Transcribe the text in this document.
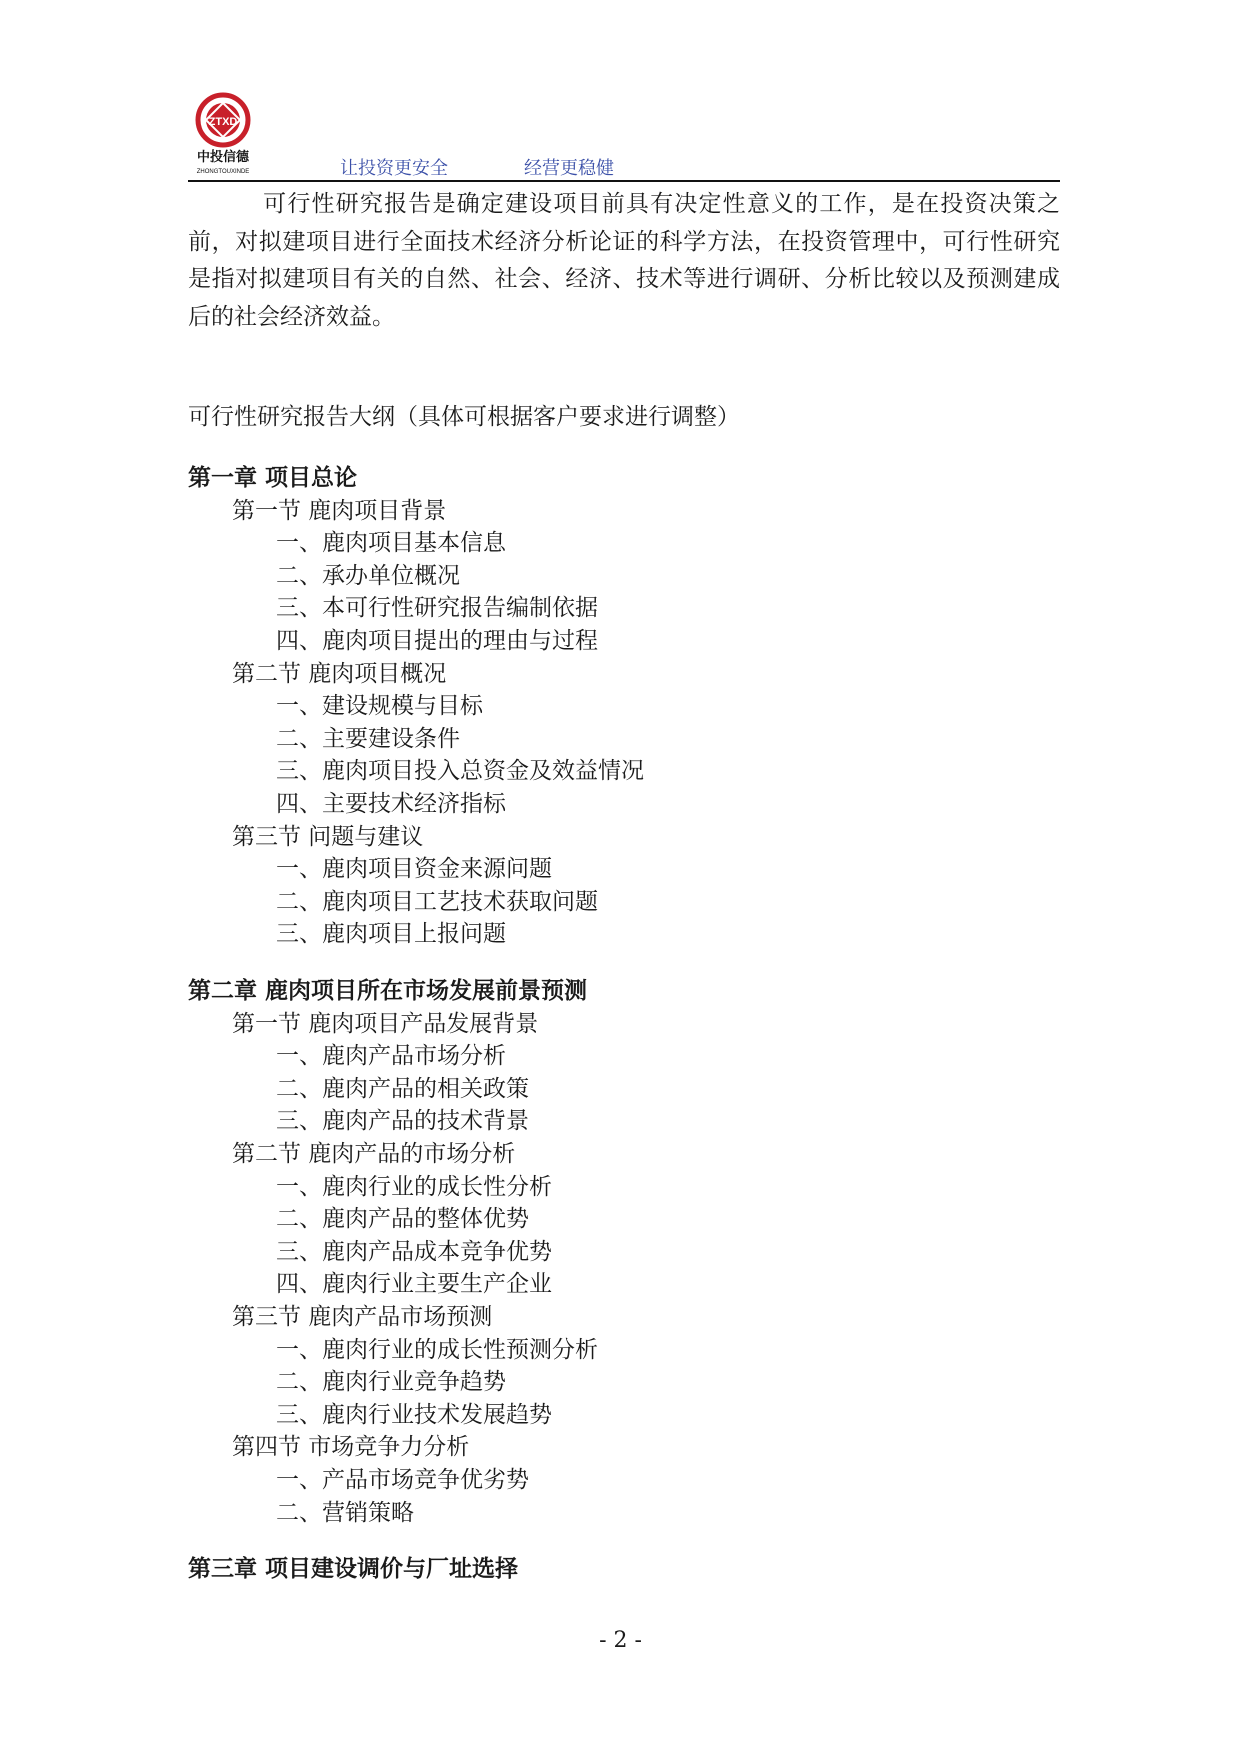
ZTXD
中投信德
ZHONGTOUXINDE	让投资更安全	经营更稳健

可行性研究报告是确定建设项目前具有决定性意义的工作，是在投资决策之前，对拟建项目进行全面技术经济分析论证的科学方法，在投资管理中，可行性研究是指对拟建项目有关的自然、社会、经济、技术等进行调研、分析比较以及预测建成后的社会经济效益。

可行性研究报告大纲（具体可根据客户要求进行调整）
第一章 项目总论
第一节 鹿肉项目背景
一、鹿肉项目基本信息
二、承办单位概况
三、本可行性研究报告编制依据
四、鹿肉项目提出的理由与过程
第二节 鹿肉项目概况
一、建设规模与目标
二、主要建设条件
三、鹿肉项目投入总资金及效益情况
四、主要技术经济指标
第三节 问题与建议
一、鹿肉项目资金来源问题
二、鹿肉项目工艺技术获取问题
三、鹿肉项目上报问题
第二章 鹿肉项目所在市场发展前景预测
第一节 鹿肉项目产品发展背景
一、鹿肉产品市场分析
二、鹿肉产品的相关政策
三、鹿肉产品的技术背景
第二节 鹿肉产品的市场分析
一、鹿肉行业的成长性分析
二、鹿肉产品的整体优势
三、鹿肉产品成本竞争优势
四、鹿肉行业主要生产企业
第三节 鹿肉产品市场预测
一、鹿肉行业的成长性预测分析
二、鹿肉行业竞争趋势
三、鹿肉行业技术发展趋势
第四节 市场竞争力分析
一、产品市场竞争优劣势
二、营销策略
第三章 项目建设调价与厂址选择
- 2 -
